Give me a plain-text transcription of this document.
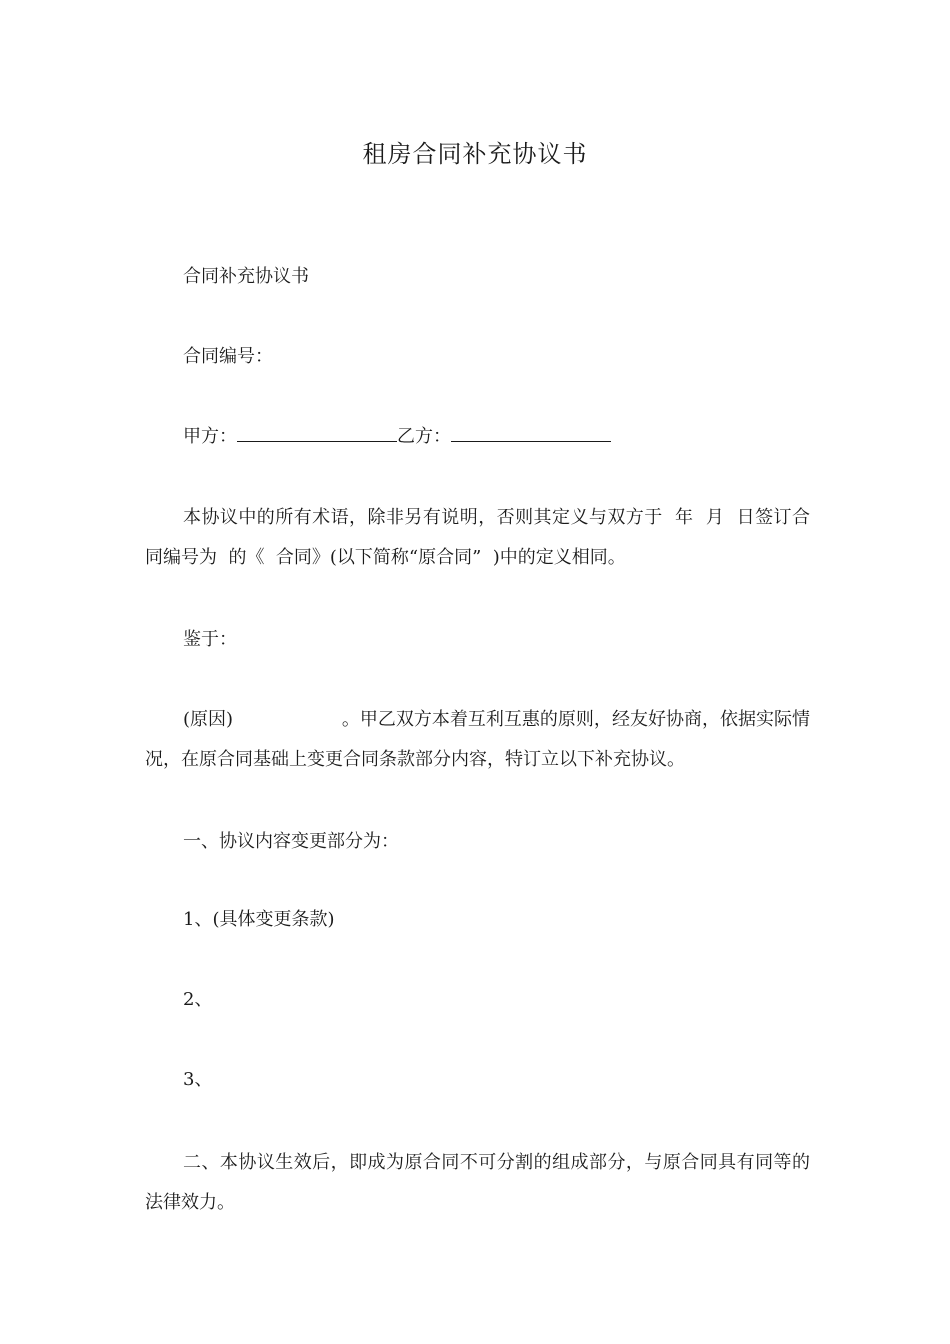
租房合同补充协议书
合同补充协议书
合同编号：
甲方：	乙方：
本协议中的所有术语，除非另有说明，否则其定义与双方于  年  月  日签订合同编号为  的《  合同》(以下简称“原合同”  )中的定义相同。
鉴于：
(原因)                   。甲乙双方本着互利互惠的原则，经友好协商，依据实际情况，在原合同基础上变更合同条款部分内容，特订立以下补充协议。
一、协议内容变更部分为：
1、(具体变更条款)
2、
3、
二、本协议生效后，即成为原合同不可分割的组成部分，与原合同具有同等的法律效力。
